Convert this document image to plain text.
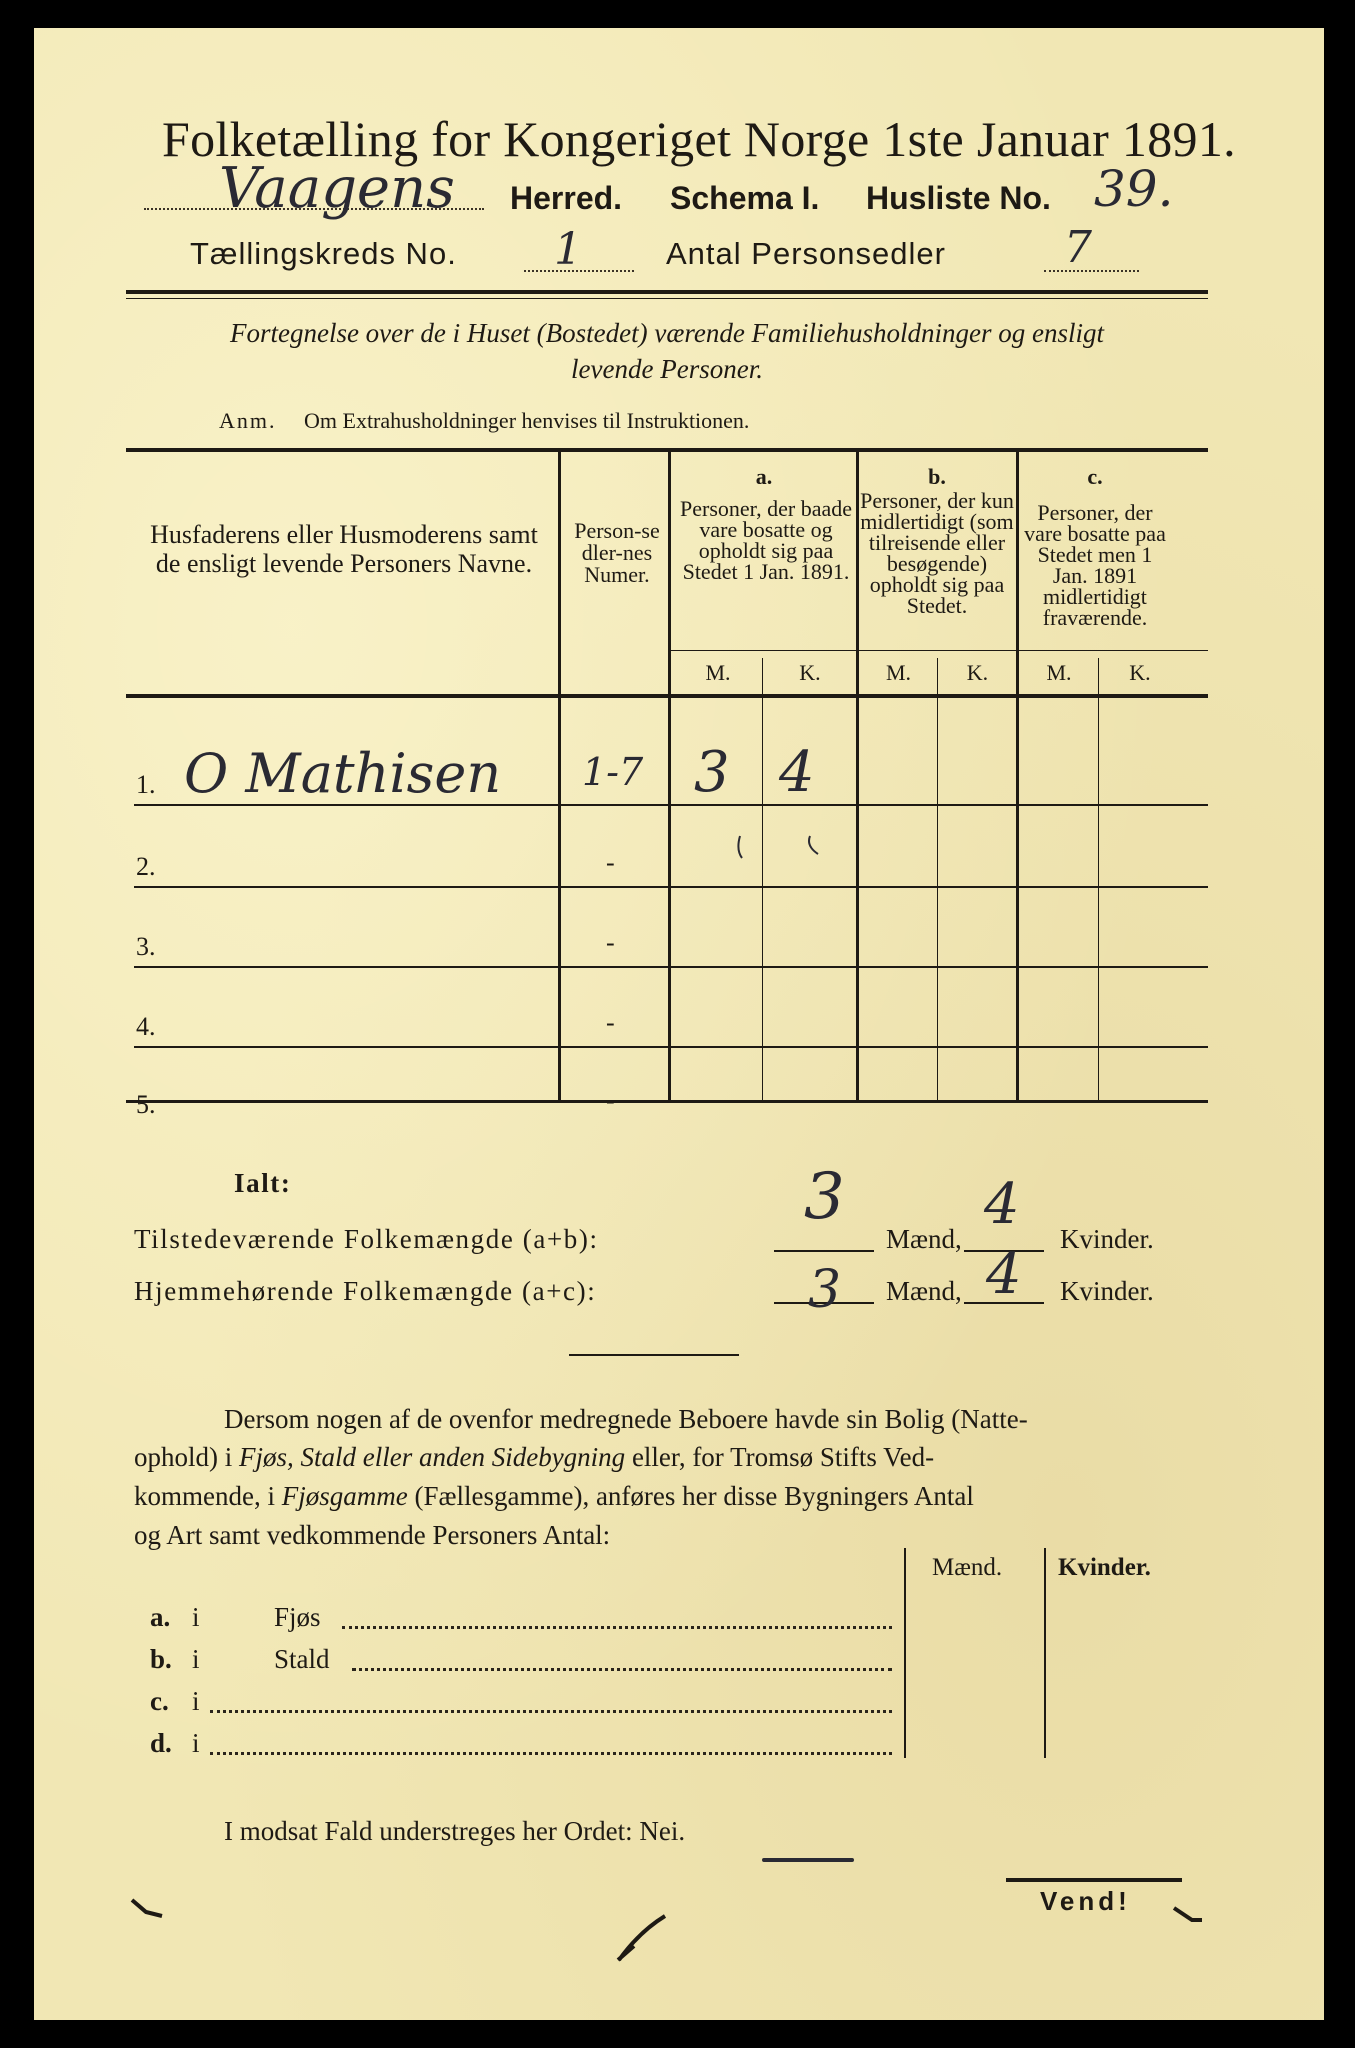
Folketælling for Kongeriget Norge 1ste Januar 1891.
Vaagens Herred. Schema I. Husliste No. 39.
Tællingskreds No. 1	Antal Personsedler	7
Fortegnelse over de i Huset (Bostedet) værende Familiehusholdninger og ensligt
levende Personer.
Anm. Om Extrahusholdninger henvises til Instruktionen.
Husfaderens eller Husmoderens samt de ensligt levende Personers Navne.
Person-sedler-nes Numer.
a.
Personer, der baade vare bosatte og opholdt sig paa Stedet 1 Jan. 1891.
b.
Personer, der kun midlertidigt (som tilreisende eller besøgende) opholdt sig paa Stedet.
c.
Personer, der vare bosatte paa Stedet men 1 Jan. 1891 midlertidigt fraværende.
M.	K.	M.	K.	M.	K.
1. O Mathisen 1-7 3 4
2.	-
3.	-
4.	-
5.	-
Ialt:
Tilstedeværende Folkemængde (a+b):
3
Mænd,
4
Kvinder.
Hjemmehørende Folkemængde (a+c):	3 Mænd, 4 Kvinder.
Dersom nogen af de ovenfor medregnede Beboere havde sin Bolig (Natte-
ophold) i Fjøs, Stald eller anden Sidebygning eller, for Tromsø Stifts Ved-
kommende, i Fjøsgamme (Fællesgamme), anføres her disse Bygningers Antal
og Art samt vedkommende Personers Antal:
Mænd. Kvinder.
a. i	Fjøs
b. i	Stald
c. i
d. i
I modsat Fald understreges her Ordet: Nei.
Vend!
